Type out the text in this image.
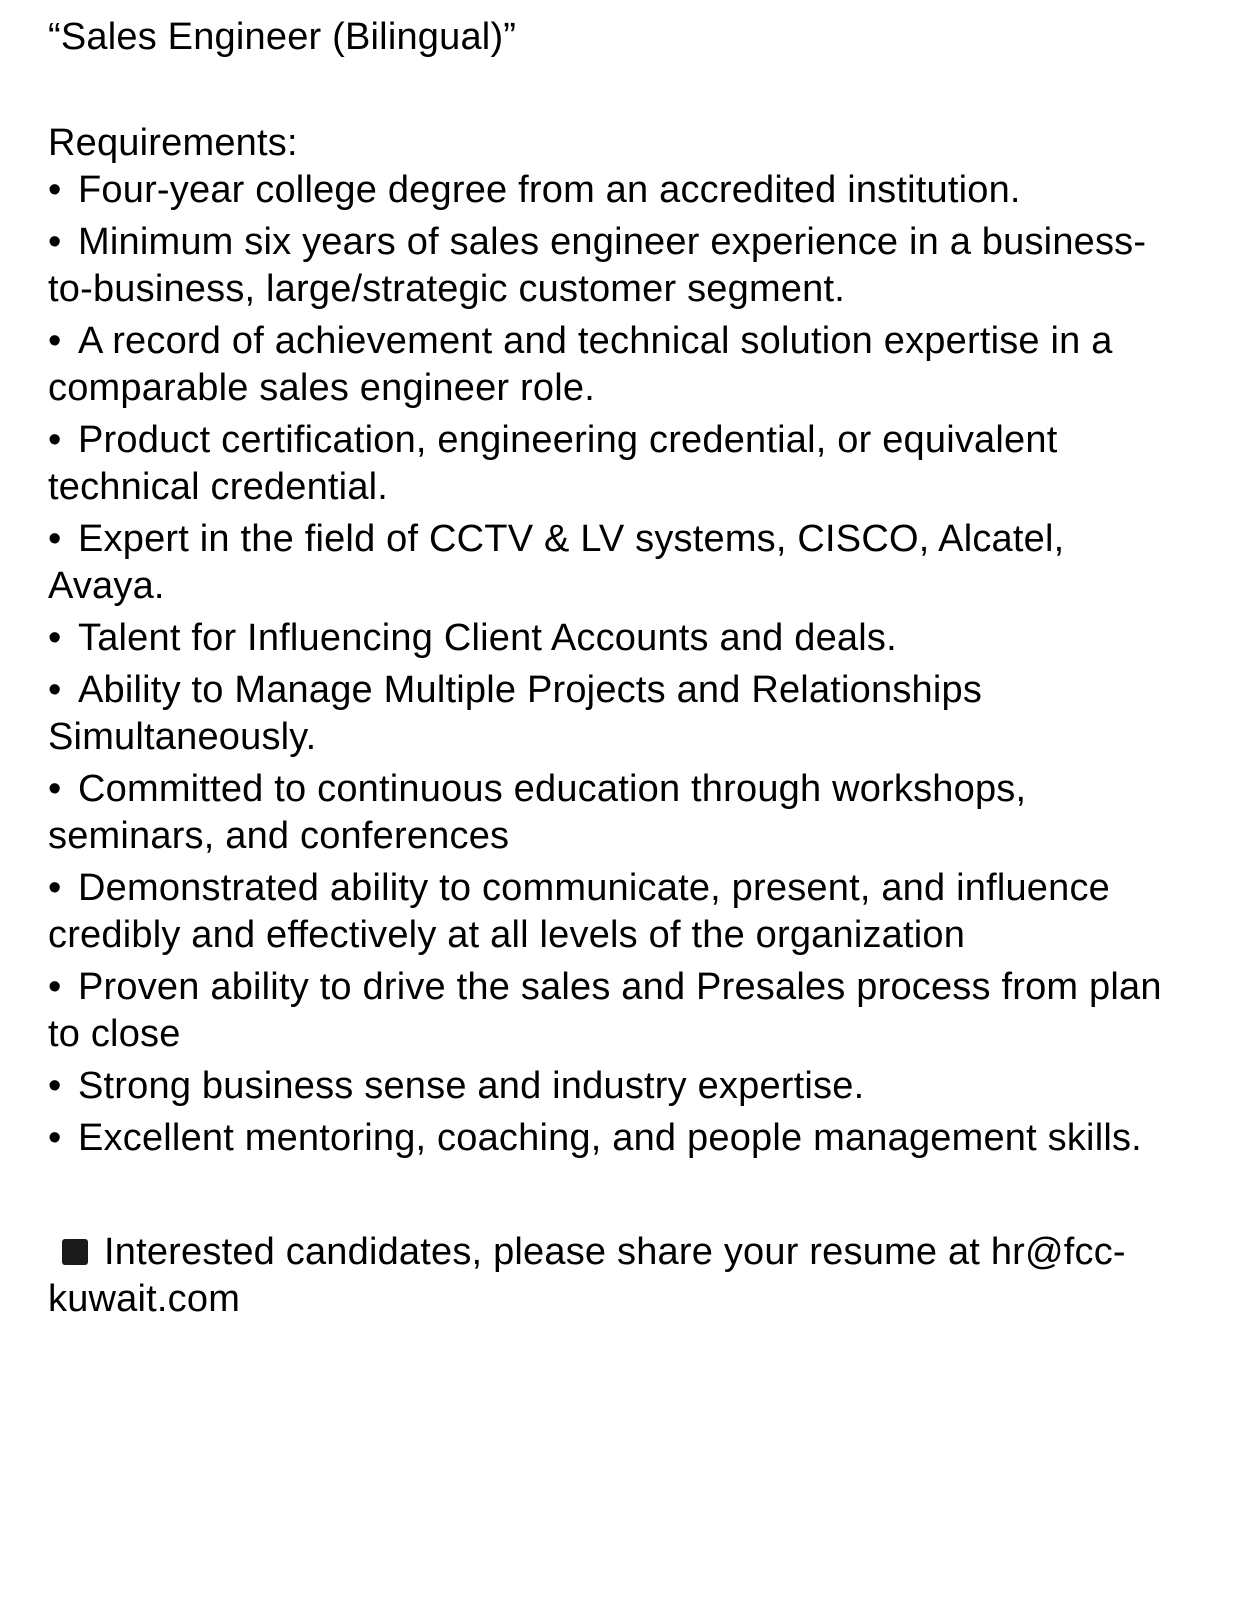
“Sales Engineer (Bilingual)”

Requirements:

• Four-year college degree from an accredited institution.
• Minimum six years of sales engineer experience in a business-to-business, large/strategic customer segment.
• A record of achievement and technical solution expertise in a comparable sales engineer role.
• Product certification, engineering credential, or equivalent technical credential.
• Expert in the field of CCTV & LV systems, CISCO, Alcatel, Avaya.
• Talent for Influencing Client Accounts and deals.
• Ability to Manage Multiple Projects and Relationships Simultaneously.
• Committed to continuous education through workshops, seminars, and conferences
• Demonstrated ability to communicate, present, and influence credibly and effectively at all levels of the organization
• Proven ability to drive the sales and Presales process from plan to close
• Strong business sense and industry expertise.
• Excellent mentoring, coaching, and people management skills.

Interested candidates, please share your resume at hr@fcc-kuwait.com
